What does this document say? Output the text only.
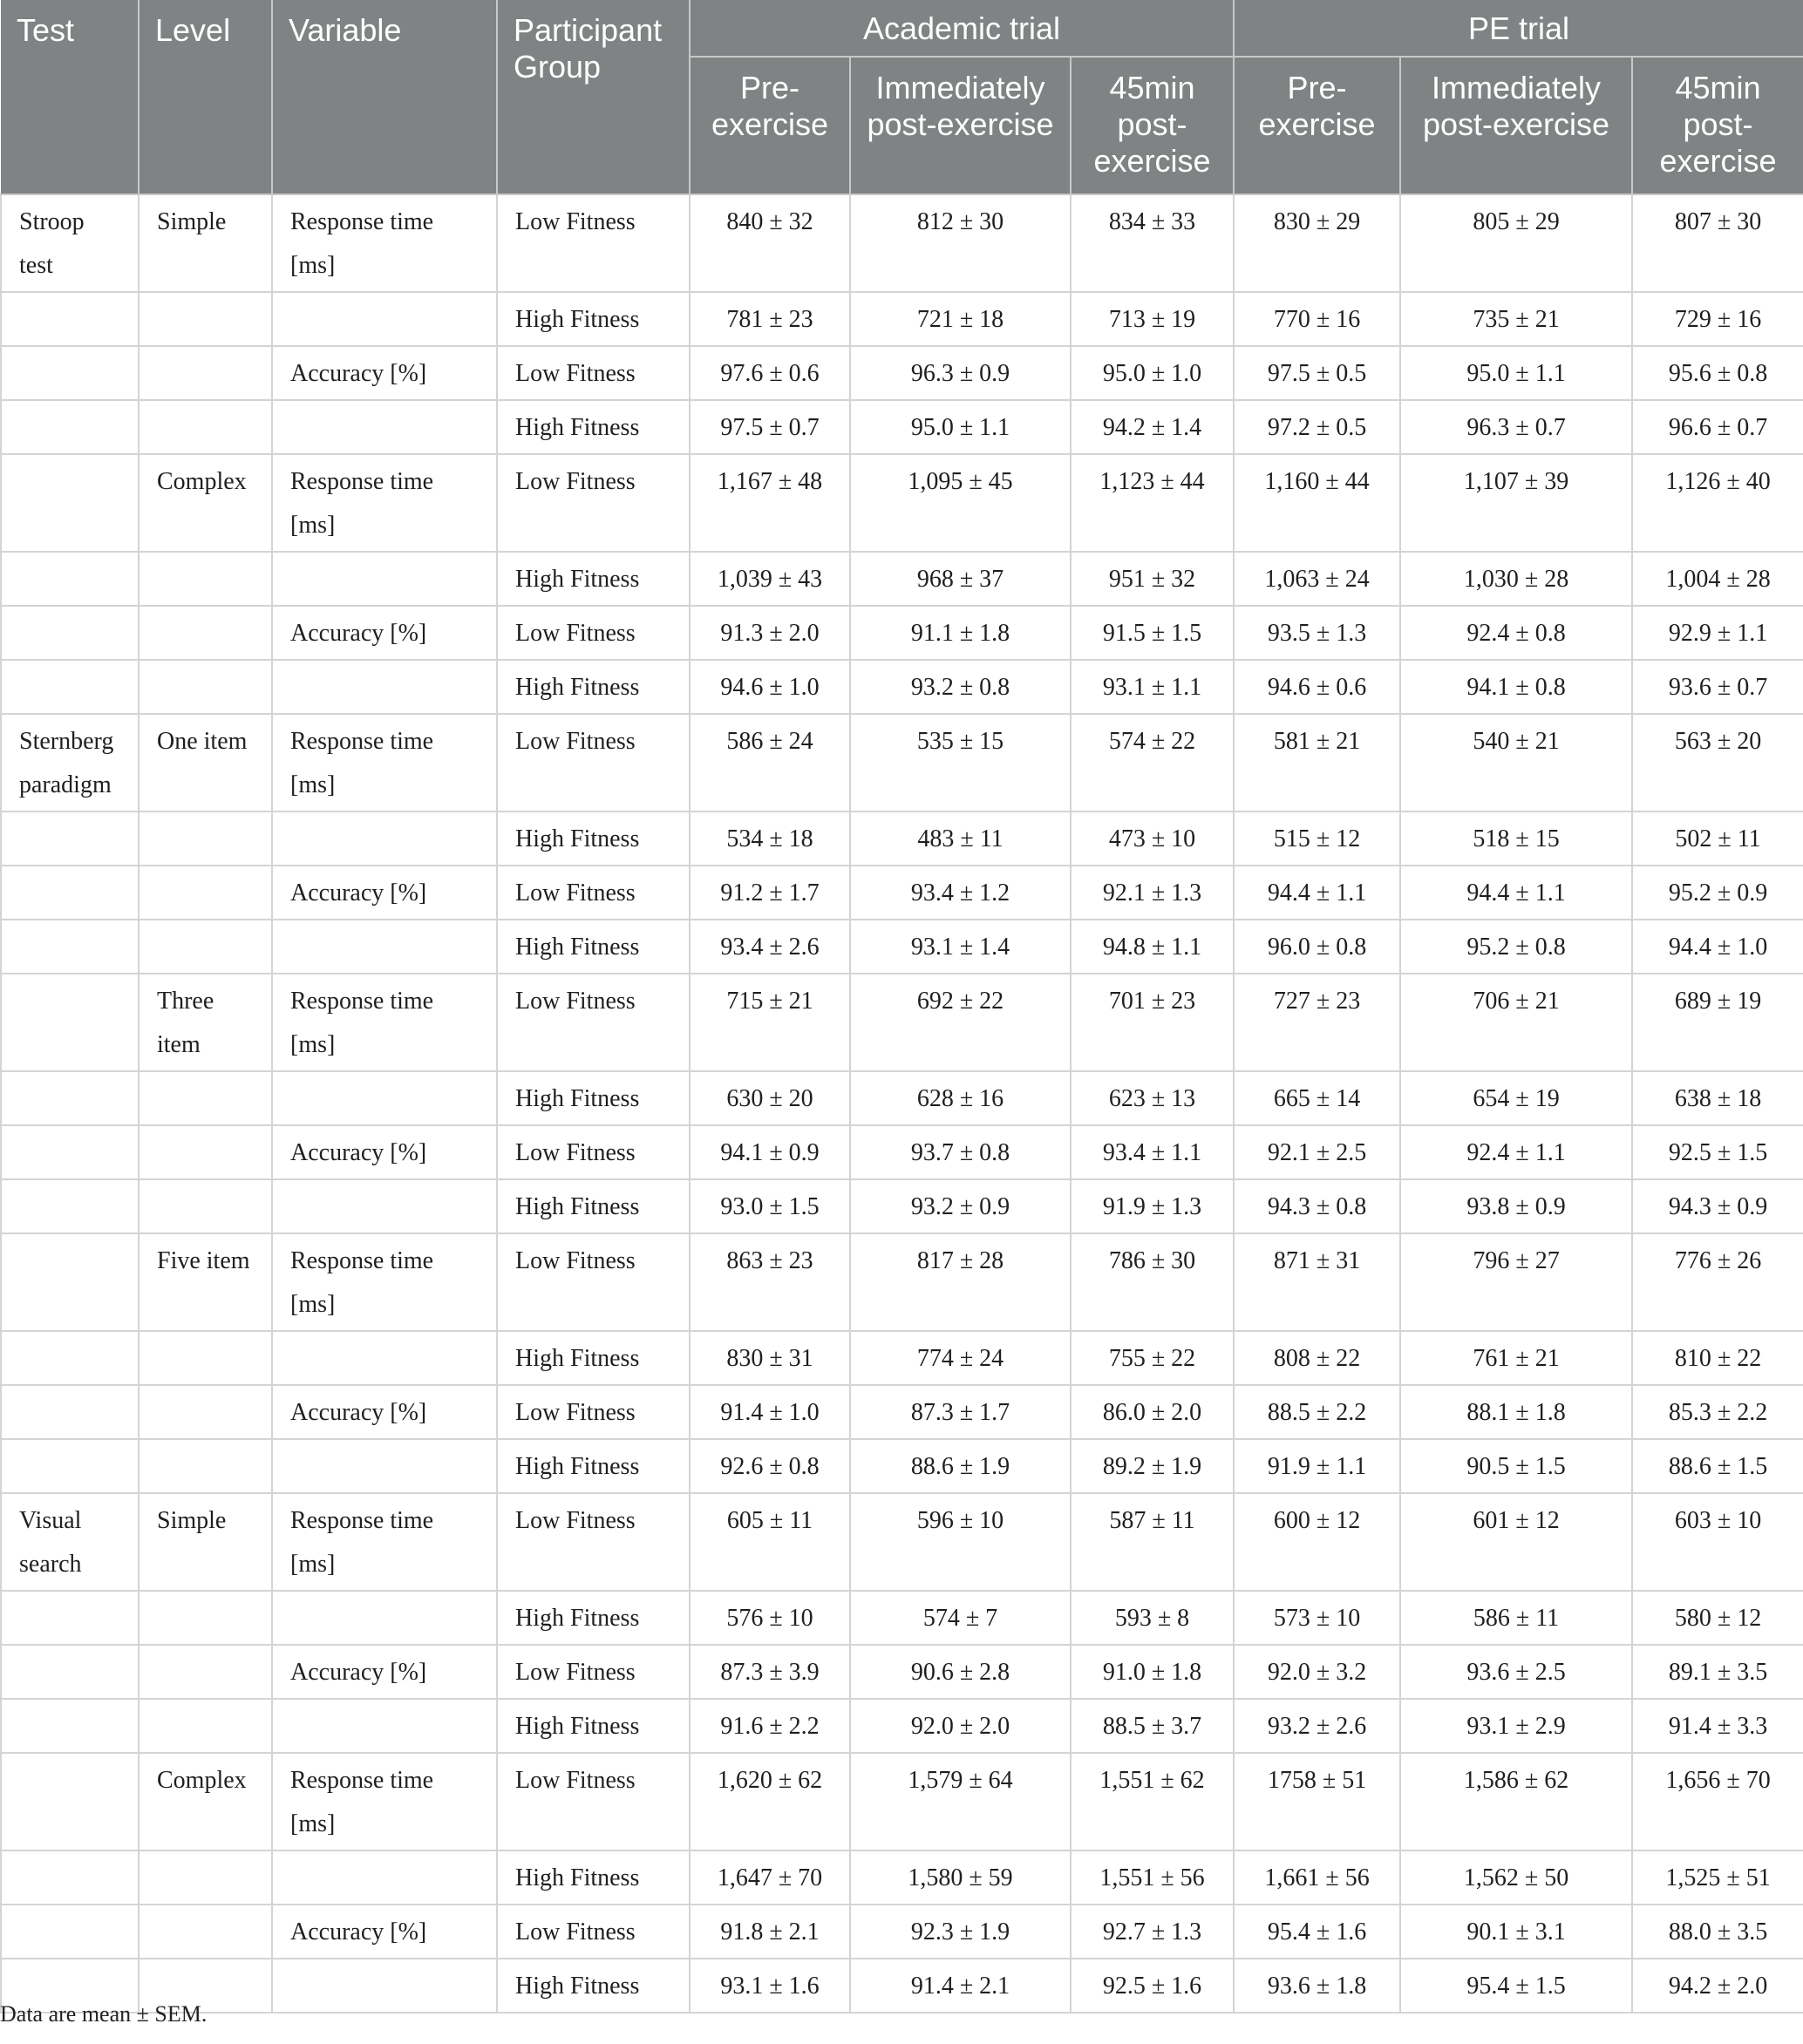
Test	Level	Variable	Participant Group	Academic trial			PE trial		
				Pre-exercise	Immediately post-exercise	45min post-exercise	Pre-exercise	Immediately post-exercise	45min post-exercise
Stroop test	Simple	Response time [ms]	Low Fitness	840 ± 32	812 ± 30	834 ± 33	830 ± 29	805 ± 29	807 ± 30
			High Fitness	781 ± 23	721 ± 18	713 ± 19	770 ± 16	735 ± 21	729 ± 16
		Accuracy [%]	Low Fitness	97.6 ± 0.6	96.3 ± 0.9	95.0 ± 1.0	97.5 ± 0.5	95.0 ± 1.1	95.6 ± 0.8
			High Fitness	97.5 ± 0.7	95.0 ± 1.1	94.2 ± 1.4	97.2 ± 0.5	96.3 ± 0.7	96.6 ± 0.7
	Complex	Response time [ms]	Low Fitness	1,167 ± 48	1,095 ± 45	1,123 ± 44	1,160 ± 44	1,107 ± 39	1,126 ± 40
			High Fitness	1,039 ± 43	968 ± 37	951 ± 32	1,063 ± 24	1,030 ± 28	1,004 ± 28
		Accuracy [%]	Low Fitness	91.3 ± 2.0	91.1 ± 1.8	91.5 ± 1.5	93.5 ± 1.3	92.4 ± 0.8	92.9 ± 1.1
			High Fitness	94.6 ± 1.0	93.2 ± 0.8	93.1 ± 1.1	94.6 ± 0.6	94.1 ± 0.8	93.6 ± 0.7
Sternberg paradigm	One item	Response time [ms]	Low Fitness	586 ± 24	535 ± 15	574 ± 22	581 ± 21	540 ± 21	563 ± 20
			High Fitness	534 ± 18	483 ± 11	473 ± 10	515 ± 12	518 ± 15	502 ± 11
		Accuracy [%]	Low Fitness	91.2 ± 1.7	93.4 ± 1.2	92.1 ± 1.3	94.4 ± 1.1	94.4 ± 1.1	95.2 ± 0.9
			High Fitness	93.4 ± 2.6	93.1 ± 1.4	94.8 ± 1.1	96.0 ± 0.8	95.2 ± 0.8	94.4 ± 1.0
	Three item	Response time [ms]	Low Fitness	715 ± 21	692 ± 22	701 ± 23	727 ± 23	706 ± 21	689 ± 19
			High Fitness	630 ± 20	628 ± 16	623 ± 13	665 ± 14	654 ± 19	638 ± 18
		Accuracy [%]	Low Fitness	94.1 ± 0.9	93.7 ± 0.8	93.4 ± 1.1	92.1 ± 2.5	92.4 ± 1.1	92.5 ± 1.5
			High Fitness	93.0 ± 1.5	93.2 ± 0.9	91.9 ± 1.3	94.3 ± 0.8	93.8 ± 0.9	94.3 ± 0.9
	Five item	Response time [ms]	Low Fitness	863 ± 23	817 ± 28	786 ± 30	871 ± 31	796 ± 27	776 ± 26
			High Fitness	830 ± 31	774 ± 24	755 ± 22	808 ± 22	761 ± 21	810 ± 22
		Accuracy [%]	Low Fitness	91.4 ± 1.0	87.3 ± 1.7	86.0 ± 2.0	88.5 ± 2.2	88.1 ± 1.8	85.3 ± 2.2
			High Fitness	92.6 ± 0.8	88.6 ± 1.9	89.2 ± 1.9	91.9 ± 1.1	90.5 ± 1.5	88.6 ± 1.5
Visual search	Simple	Response time [ms]	Low Fitness	605 ± 11	596 ± 10	587 ± 11	600 ± 12	601 ± 12	603 ± 10
			High Fitness	576 ± 10	574 ± 7	593 ± 8	573 ± 10	586 ± 11	580 ± 12
		Accuracy [%]	Low Fitness	87.3 ± 3.9	90.6 ± 2.8	91.0 ± 1.8	92.0 ± 3.2	93.6 ± 2.5	89.1 ± 3.5
			High Fitness	91.6 ± 2.2	92.0 ± 2.0	88.5 ± 3.7	93.2 ± 2.6	93.1 ± 2.9	91.4 ± 3.3
	Complex	Response time [ms]	Low Fitness	1,620 ± 62	1,579 ± 64	1,551 ± 62	1758 ± 51	1,586 ± 62	1,656 ± 70
			High Fitness	1,647 ± 70	1,580 ± 59	1,551 ± 56	1,661 ± 56	1,562 ± 50	1,525 ± 51
		Accuracy [%]	Low Fitness	91.8 ± 2.1	92.3 ± 1.9	92.7 ± 1.3	95.4 ± 1.6	90.1 ± 3.1	88.0 ± 3.5
			High Fitness	93.1 ± 1.6	91.4 ± 2.1	92.5 ± 1.6	93.6 ± 1.8	95.4 ± 1.5	94.2 ± 2.0
Data are mean ± SEM.
